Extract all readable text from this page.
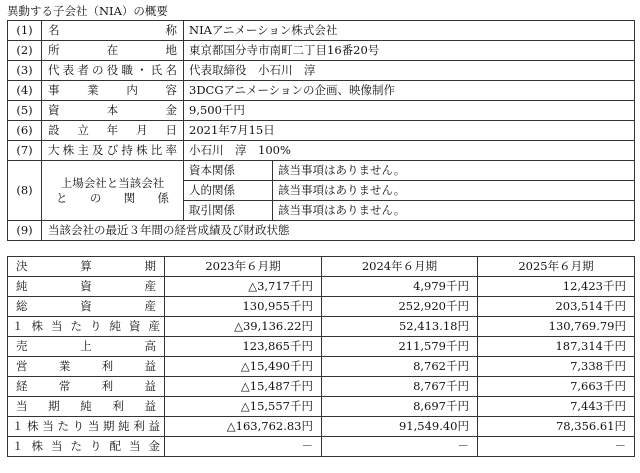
異動する子会社（NIA）の概要
(1)	名　　　　　称	NIAアニメーション株式会社	
(2)	所　　在　　地	東京都国分寺市南町二丁目16番20号	
(3)	代表者の役職・氏名	代表取締役　小石川　淳	
(4)	事　業　内　容	3DCGアニメーションの企画、映像制作	
(5)	資　　本　　金	9,500千円	
(6)	設　立　年　月　日	2021年7月15日	
(7)	大株主及び持株比率	小石川　淳　100%	
(8)	上場会社と当該会社
と　の　関　係	資本関係	該当事項はありません。
		人的関係	該当事項はありません。
		取引関係	該当事項はありません。
(9)	当該会社の最近３年間の経営成績及び財政状態		
決　算　期	2023年６月期	2024年６月期	2025年６月期
純資産	△3,717千円	4,979千円	12,423千円
総資産	130,955千円	252,920千円	203,514千円
１株当たり純資産	△39,136.22円	52,413.18円	130,769.79円
売上高	123,865千円	211,579千円	187,314千円
営業利益	△15,490千円	8,762千円	7,338千円
経常利益	△15,487千円	8,767千円	7,663千円
当期純利益	△15,557千円	8,697千円	7,443千円
１株当たり当期純利益	△163,762.83円	91,549.40円	78,356.61円
１株当たり配当金	－	－	－
